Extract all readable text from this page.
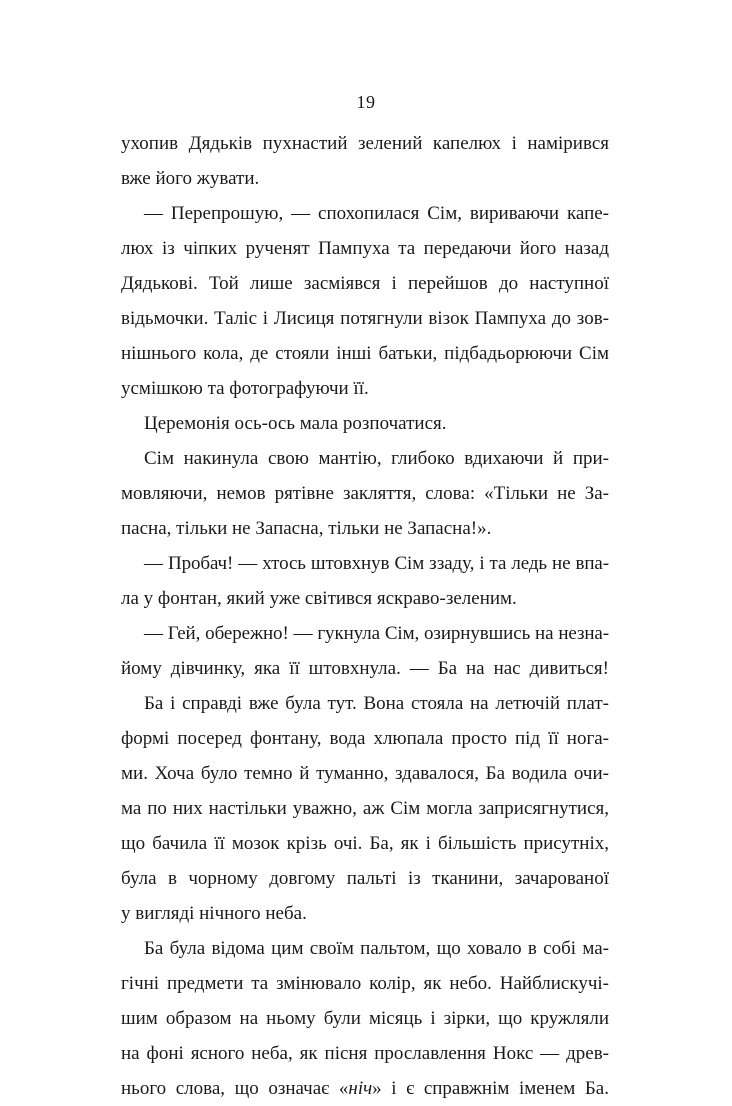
19
ухопив Дядьків пухнастий зелений капелюх і намірився
вже його жувати.
— Перепрошую, — спохопилася Сім, вириваючи капе-
люх із чіпких рученят Пампуха та передаючи його назад
Дядькові. Той лише засміявся і перейшов до наступної
відьмочки. Таліс і Лисиця потягнули візок Пампуха до зов-
нішнього кола, де стояли інші батьки, підбадьорюючи Сім
усмішкою та фотографуючи її.
Церемонія ось-ось мала розпочатися.
Сім накинула свою мантію, глибоко вдихаючи й при-
мовляючи, немов рятівне закляття, слова: «Тільки не За-
пасна, тільки не Запасна, тільки не Запасна!».
— Пробач! — хтось штовхнув Сім ззаду, і та ледь не впа-
ла у фонтан, який уже світився яскраво-зеленим.
— Гей, обережно! — гукнула Сім, озирнувшись на незна-
йому дівчинку, яка її штовхнула. — Ба на нас дивиться!
Ба і справді вже була тут. Вона стояла на летючій плат-
формі посеред фонтану, вода хлюпала просто під її нога-
ми. Хоча було темно й туманно, здавалося, Ба водила очи-
ма по них настільки уважно, аж Сім могла заприсягнутися,
що бачила її мозок крізь очі. Ба, як і більшість присутніх,
була в чорному довгому пальті із тканини, зачарованої
у вигляді нічного неба.
Ба була відома цим своїм пальтом, що ховало в собі ма-
гічні предмети та змінювало колір, як небо. Найблискучі-
шим образом на ньому були місяць і зірки, що кружляли
на фоні ясного неба, як пісня прославлення Нокс — древ-
нього слова, що означає «ніч» і є справжнім іменем Ба.
